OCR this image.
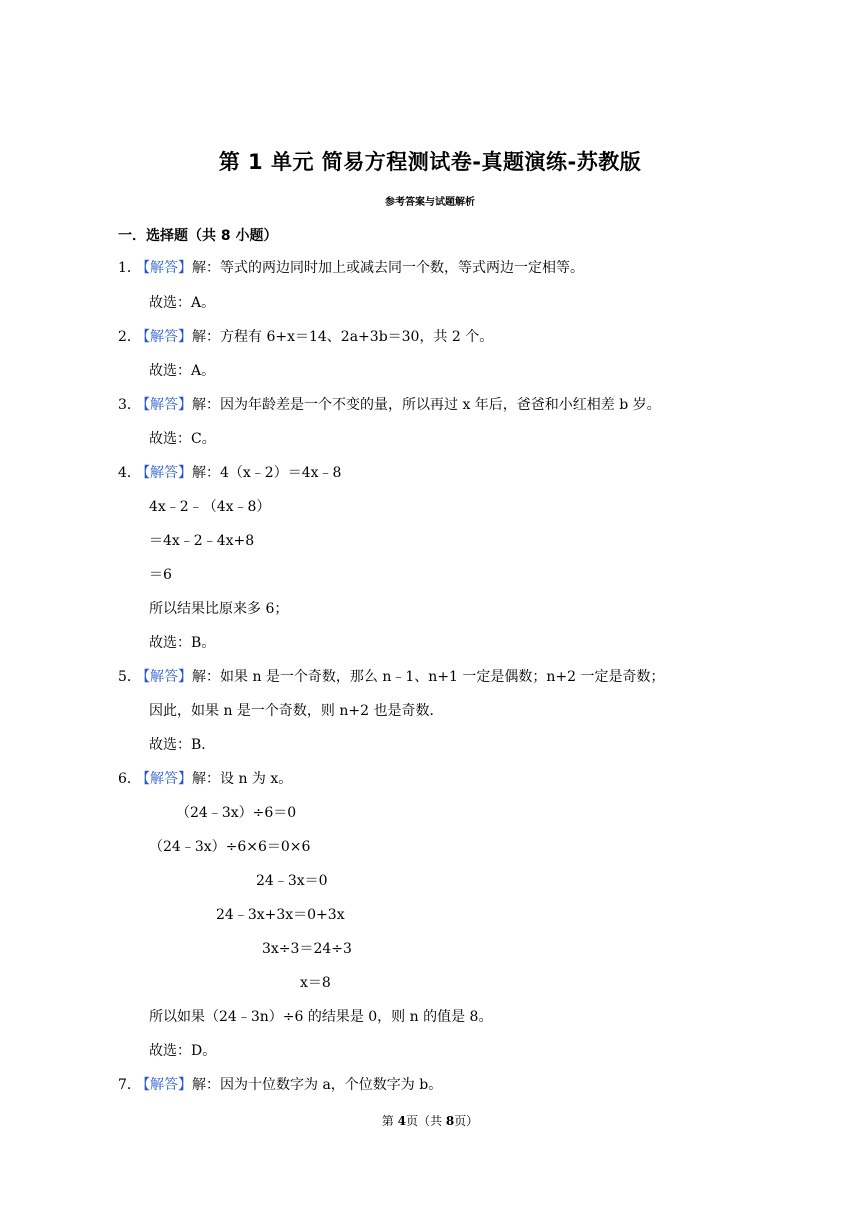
第 1 单元 简易方程测试卷-真题演练-苏教版
参考答案与试题解析
一．选择题（共 8 小题）
1．
【解答】解：等式的两边同时加上或减去同一个数，等式两边一定相等。
故选：A。
2．
【解答】解：方程有 6+x＝14、2a+3b＝30，共 2 个。
故选：A。
3．
【解答】解：因为年龄差是一个不变的量，所以再过 x 年后，爸爸和小红相差 b 岁。
故选：C。
4．
【解答】解：4（x﹣2）＝4x﹣8
4x﹣2﹣（4x﹣8）
＝4x﹣2﹣4x+8
＝6
所以结果比原来多 6；
故选：B。
5．
【解答】解：如果 n 是一个奇数，那么 n﹣1、n+1 一定是偶数；n+2 一定是奇数；
因此，如果 n 是一个奇数，则 n+2 也是奇数．
故选：B．
6．
【解答】解：设 n 为 x。
（24﹣3x）÷6＝0
（24﹣3x）÷6×6＝0×6
24﹣3x＝0
24﹣3x+3x＝0+3x
3x÷3＝24÷3
x＝8
所以如果（24﹣3n）÷6 的结果是 0，则 n 的值是 8。
故选：D。
7．
【解答】解：因为十位数字为 a，个位数字为 b。
第 4页（共 8页）
